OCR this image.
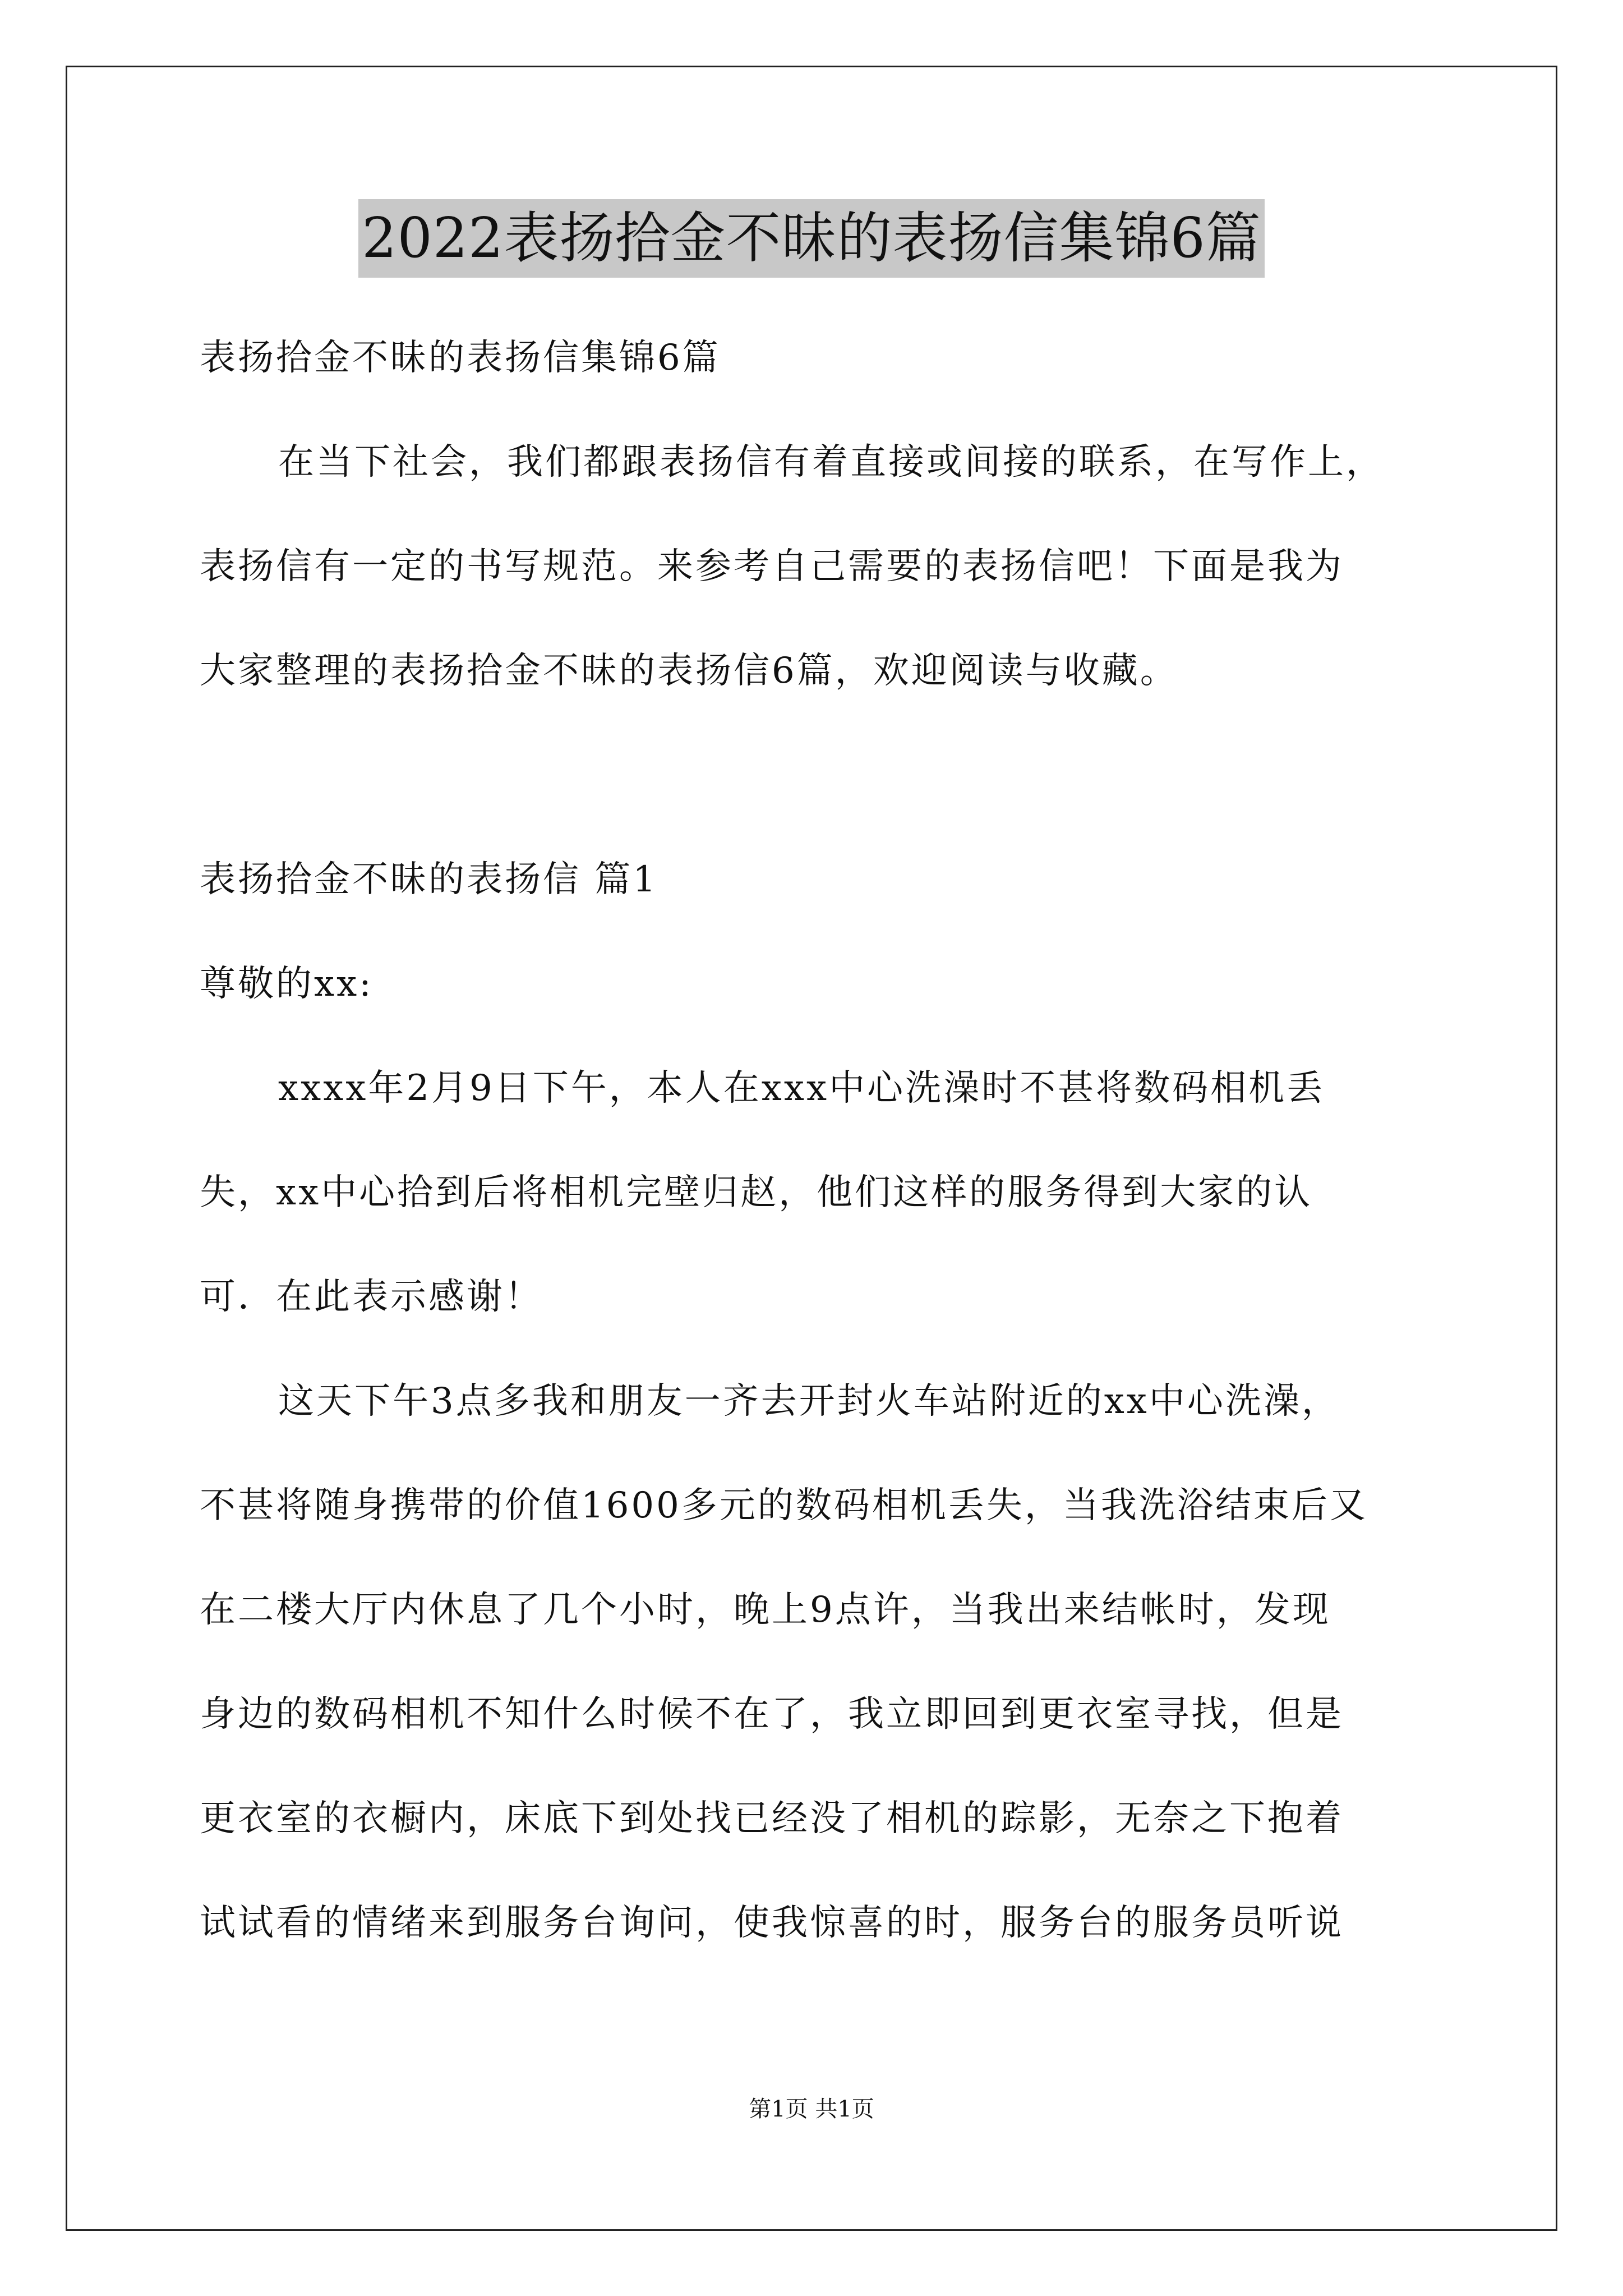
2022表扬拾金不昧的表扬信集锦6篇
表扬拾金不昧的表扬信集锦6篇
在当下社会，我们都跟表扬信有着直接或间接的联系，在写作上，
表扬信有一定的书写规范。来参考自己需要的表扬信吧！下面是我为
大家整理的表扬拾金不昧的表扬信6篇，欢迎阅读与收藏。
表扬拾金不昧的表扬信 篇1
尊敬的xx:
xxxx年2月9日下午，本人在xxx中心洗澡时不甚将数码相机丢
失，xx中心拾到后将相机完壁归赵，他们这样的服务得到大家的认
可．在此表示感谢！
这天下午3点多我和朋友一齐去开封火车站附近的xx中心洗澡，
不甚将随身携带的价值1600多元的数码相机丢失，当我洗浴结束后又
在二楼大厅内休息了几个小时，晚上9点许，当我出来结帐时，发现
身边的数码相机不知什么时候不在了，我立即回到更衣室寻找，但是
更衣室的衣橱内，床底下到处找已经没了相机的踪影，无奈之下抱着
试试看的情绪来到服务台询问，使我惊喜的时，服务台的服务员听说
第1页 共1页
